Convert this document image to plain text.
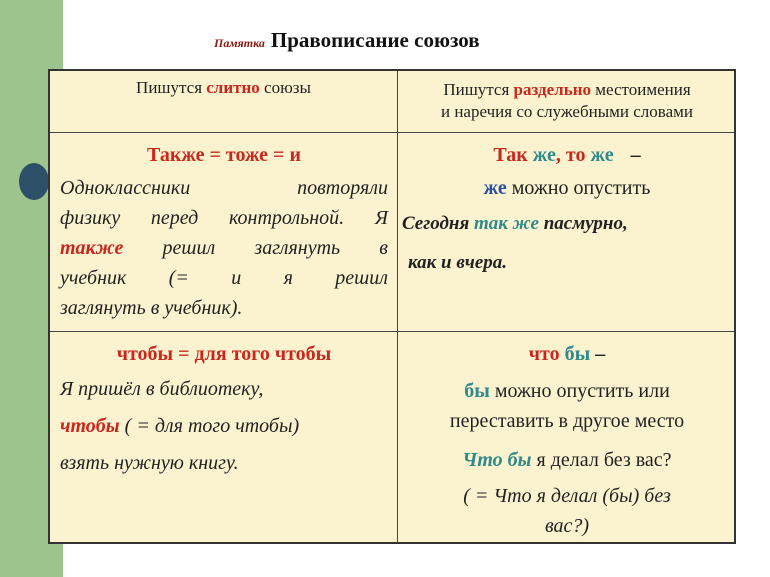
Памятка Правописание союзов
Пишутся слитно союзы	Пишутся раздельно местоимения
и наречия со служебными словами
Также = тоже = и
Одноклассники повторяли
физику перед контрольной. Я
также решил заглянуть в
учебник (= и я решил
заглянуть в учебник).
Так же, то же –
же можно опустить
Сегодня так же пасмурно,
как и вчера.
чтобы = для того чтобы
Я пришёл в библиотеку,
чтобы ( = для того чтобы)
взять нужную книгу.
что бы –
бы можно опустить или
переставить в другое место
Что бы я делал без вас?
( = Что я делал (бы) без
вас?)
